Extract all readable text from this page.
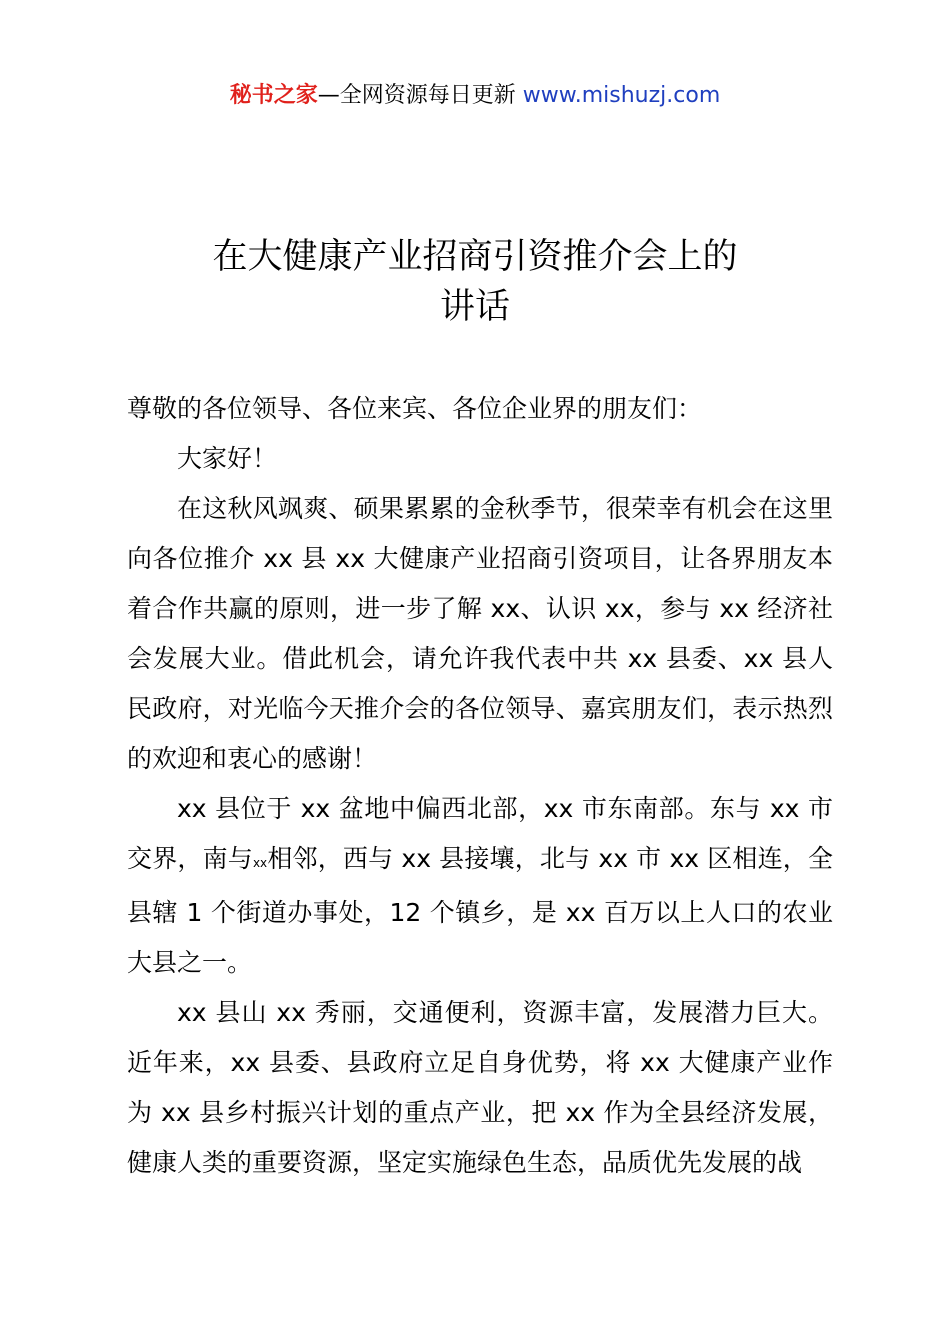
秘书之家—全网资源每日更新 www.mishuzj.com
在大健康产业招商引资推介会上的
讲话

尊敬的各位领导、各位来宾、各位企业界的朋友们：

大家好！

在这秋风飒爽、硕果累累的金秋季节，很荣幸有机会在这里向各位推介 xx 县 xx 大健康产业招商引资项目，让各界朋友本着合作共赢的原则，进一步了解 xx、认识 xx，参与 xx 经济社会发展大业。借此机会，请允许我代表中共 xx 县委、xx 县人民政府，对光临今天推介会的各位领导、嘉宾朋友们，表示热烈的欢迎和衷心的感谢！

xx 县位于 xx 盆地中偏西北部，xx 市东南部。东与 xx 市交界，南与xx相邻，西与 xx 县接壤，北与 xx 市 xx 区相连，全县辖 1 个街道办事处，12 个镇乡，是 xx 百万以上人口的农业大县之一。

xx 县山 xx 秀丽，交通便利，资源丰富，发展潜力巨大。近年来，xx 县委、县政府立足自身优势，将 xx 大健康产业作为 xx 县乡村振兴计划的重点产业，把 xx 作为全县经济发展，健康人类的重要资源，坚定实施绿色生态，品质优先发展的战
